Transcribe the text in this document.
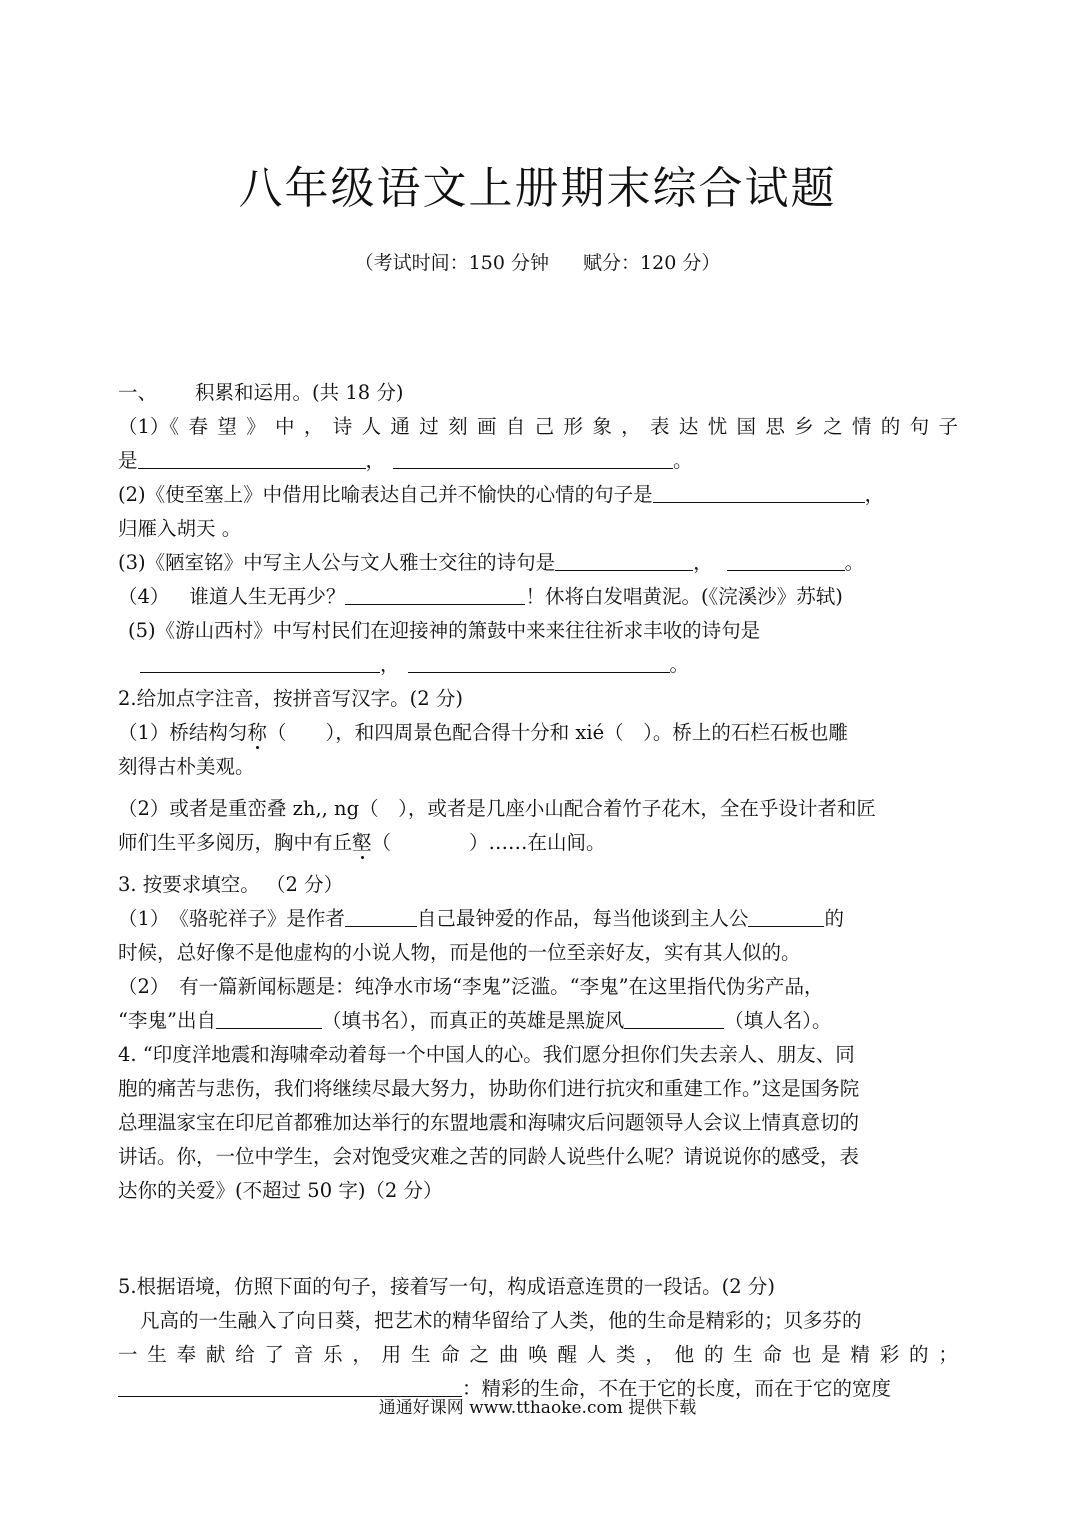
八年级语文上册期末综合试题
（考试时间：150 分钟 赋分：120 分）
一、 积累和运用。(共 18 分)
（1）《 春 望 》 中 ， 诗 人 通 过 刻 画 自 己 形 象 ， 表 达 忧 国 思 乡 之 情 的 句 子
是	，	。
(2)《使至塞上》中借用比喻表达自己并不愉快的心情的句子是	，
归雁入胡天 。
(3)《陋室铭》中写主人公与文人雅士交往的诗句是	，	。
（4） 谁道人生无再少？	！休将白发唱黄泥。(《浣溪沙》苏轼)
(5)《游山西村》中写村民们在迎接神的箫鼓中来来往往祈求丰收的诗句是
，	。
2.给加点字注音，按拼音写汉字。(2 分)
（1）桥结构匀称（　　），和四周景色配合得十分和 xié（　）。桥上的石栏石板也雕
刻得古朴美观。
（2）或者是重峦叠 zh,, ng（　），或者是几座小山配合着竹子花木，全在乎设计者和匠
师们生平多阅历，胸中有丘壑（　　　　）……在山间。
3. 按要求填空。 （2 分）
（1）　《骆驼祥子》是作者	自己最钟爱的作品，每当他谈到主人公	的
时候，总好像不是他虚构的小说人物，而是他的一位至亲好友，实有其人似的。
（2）　有一篇新闻标题是：纯净水市场“李鬼”泛滥。“李鬼”在这里指代伪劣产品，
“李鬼”出自	（填书名），而真正的英雄是黑旋风	（填人名）。
4. “印度洋地震和海啸牵动着每一个中国人的心。我们愿分担你们失去亲人、朋友、同
胞的痛苦与悲伤，我们将继续尽最大努力，协助你们进行抗灾和重建工作。”这是国务院
总理温家宝在印尼首都雅加达举行的东盟地震和海啸灾后问题领导人会议上情真意切的
讲话。你，一位中学生，会对饱受灾难之苦的同龄人说些什么呢？请说说你的感受，表
达你的关爱》(不超过 50 字)（2 分）
5.根据语境，仿照下面的句子，接着写一句，构成语意连贯的一段话。(2 分)
凡高的一生融入了向日葵，把艺术的精华留给了人类，他的生命是精彩的；贝多芬的
一 生 奉 献 给 了 音 乐 ， 用 生 命 之 曲 唤 醒 人 类 ， 他 的 生 命 也 是 精 彩 的 ；
：精彩的生命，不在于它的长度，而在于它的宽度
通通好课网 www.tthaoke.com 提供下载
